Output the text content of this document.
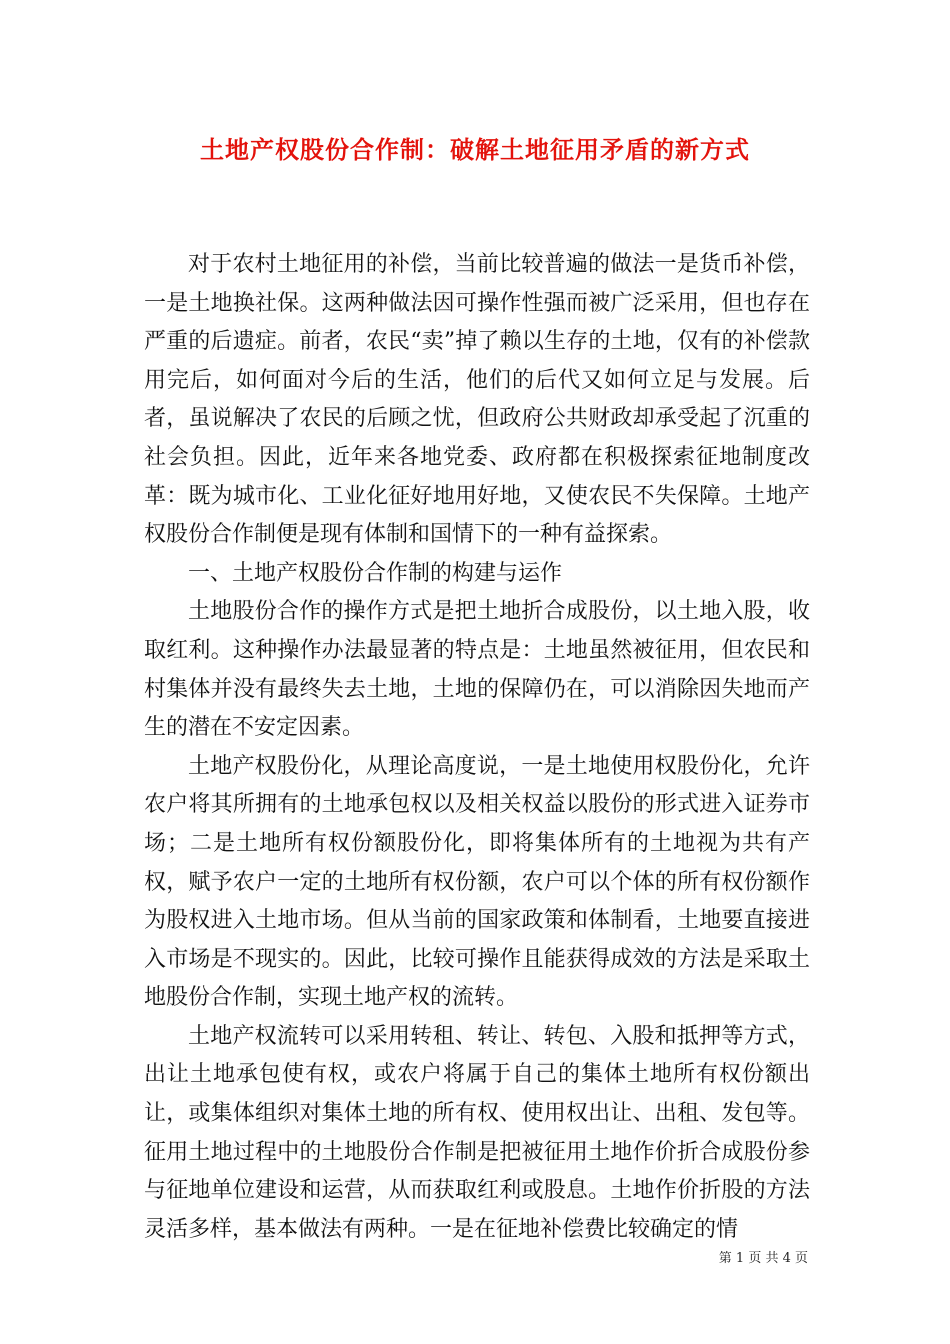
土地产权股份合作制：破解土地征用矛盾的新方式

对于农村土地征用的补偿，当前比较普遍的做法一是货币补偿，一是土地换社保。这两种做法因可操作性强而被广泛采用，但也存在严重的后遗症。前者，农民“卖”掉了赖以生存的土地，仅有的补偿款用完后，如何面对今后的生活，他们的后代又如何立足与发展。后者，虽说解决了农民的后顾之忧，但政府公共财政却承受起了沉重的社会负担。因此，近年来各地党委、政府都在积极探索征地制度改革：既为城市化、工业化征好地用好地，又使农民不失保障。土地产权股份合作制便是现有体制和国情下的一种有益探索。

一、土地产权股份合作制的构建与运作

土地股份合作的操作方式是把土地折合成股份，以土地入股，收取红利。这种操作办法最显著的特点是：土地虽然被征用，但农民和村集体并没有最终失去土地，土地的保障仍在，可以消除因失地而产生的潜在不安定因素。

土地产权股份化，从理论高度说，一是土地使用权股份化，允许农户将其所拥有的土地承包权以及相关权益以股份的形式进入证券市场；二是土地所有权份额股份化，即将集体所有的土地视为共有产权，赋予农户一定的土地所有权份额，农户可以个体的所有权份额作为股权进入土地市场。但从当前的国家政策和体制看，土地要直接进入市场是不现实的。因此，比较可操作且能获得成效的方法是采取土地股份合作制，实现土地产权的流转。

土地产权流转可以采用转租、转让、转包、入股和抵押等方式，出让土地承包使有权，或农户将属于自己的集体土地所有权份额出让，或集体组织对集体土地的所有权、使用权出让、出租、发包等。征用土地过程中的土地股份合作制是把被征用土地作价折合成股份参与征地单位建设和运营，从而获取红利或股息。土地作价折股的方法灵活多样，基本做法有两种。一是在征地补偿费比较确定的情

第 1 页 共 4 页
